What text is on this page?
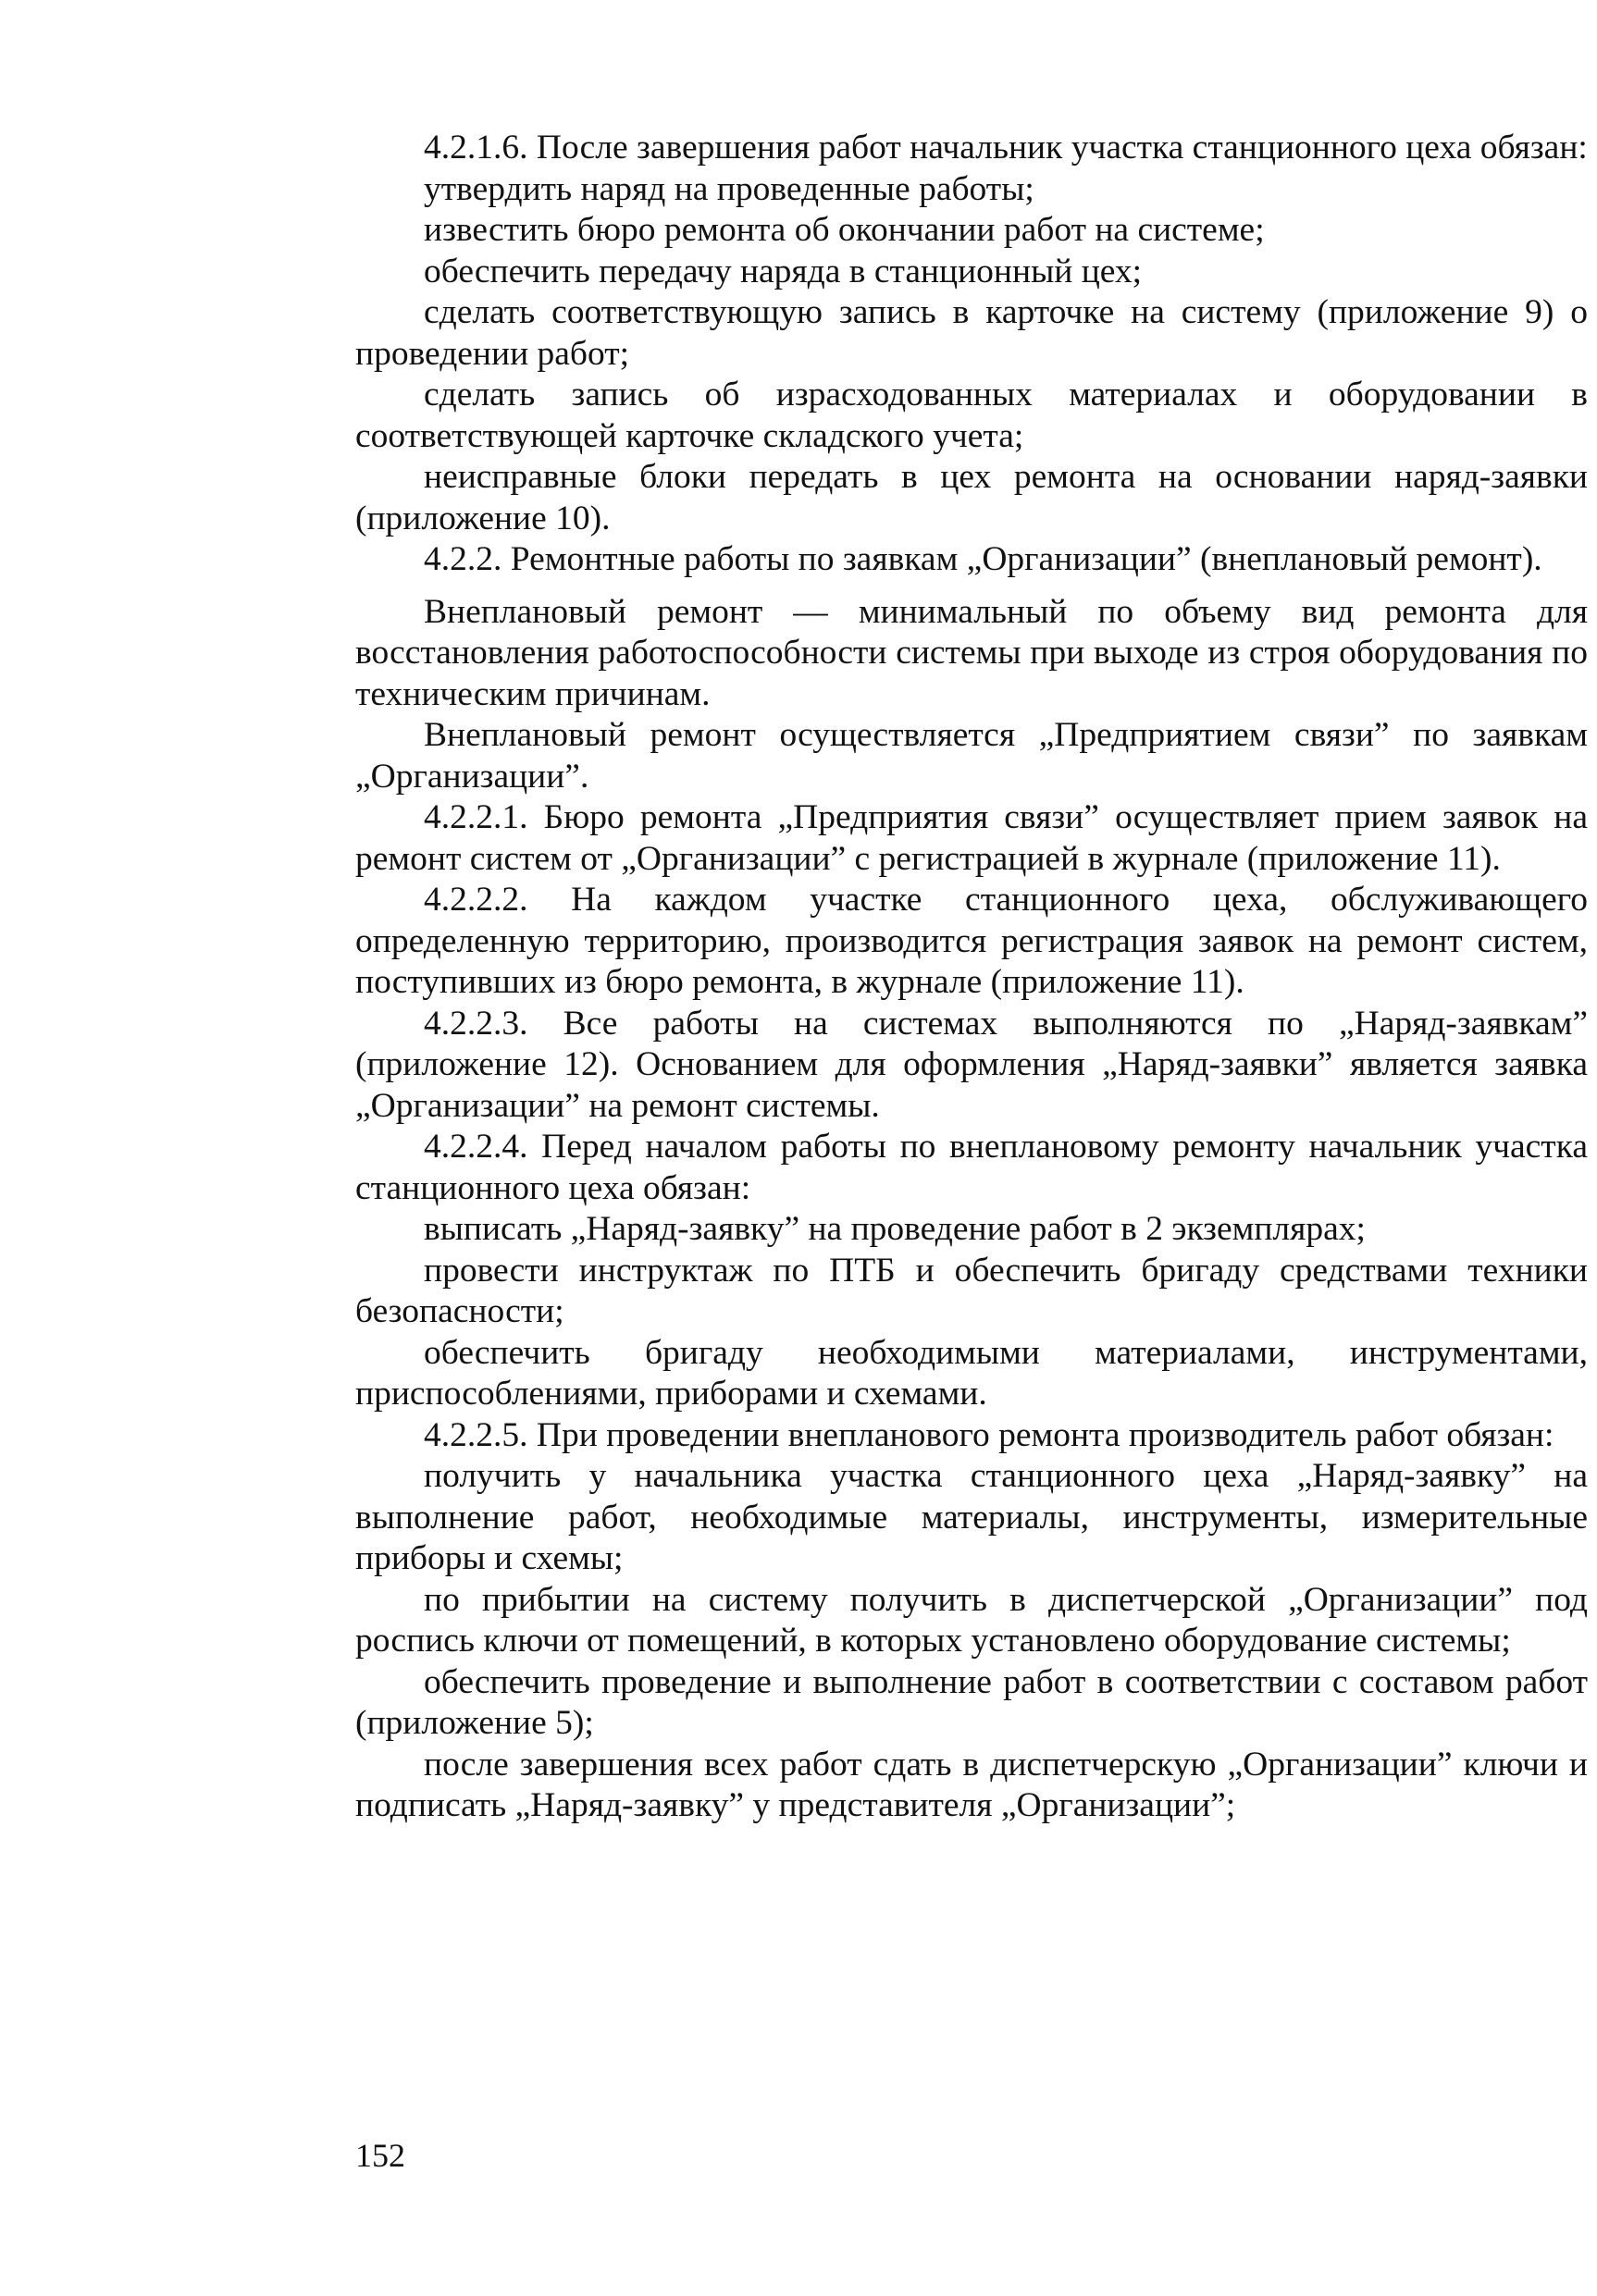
4.2.1.6. После завершения работ начальник участка станционного цеха обязан:

утвердить наряд на проведенные работы;

известить бюро ремонта об окончании работ на системе;

обеспечить передачу наряда в станционный цех;

сделать соответствующую запись в карточке на систему (приложение 9) о проведении работ;

сделать запись об израсходованных материалах и оборудовании в соответствующей карточке складского учета;

неисправные блоки передать в цех ремонта на основании наряд-заявки (приложение 10).

4.2.2. Ремонтные работы по заявкам „Организации” (внеплановый ремонт).

Внеплановый ремонт — минимальный по объему вид ремонта для восстановления работоспособности системы при выходе из строя оборудования по техническим причинам.

Внеплановый ремонт осуществляется „Предприятием связи” по заявкам „Организации”.

4.2.2.1. Бюро ремонта „Предприятия связи” осуществляет прием заявок на ремонт систем от „Организации” с регистрацией в журнале (приложение 11).

4.2.2.2. На каждом участке станционного цеха, обслуживающего определенную территорию, производится регистрация заявок на ремонт систем, поступивших из бюро ремонта, в журнале (приложение 11).

4.2.2.3. Все работы на системах выполняются по „Наряд-заявкам” (приложение 12). Основанием для оформления „Наряд-заявки” является заявка „Организации” на ремонт системы.

4.2.2.4. Перед началом работы по внеплановому ремонту начальник участка станционного цеха обязан:

выписать „Наряд-заявку” на проведение работ в 2 экземплярах;

провести инструктаж по ПТБ и обеспечить бригаду средствами техники безопасности;

обеспечить бригаду необходимыми материалами, инструментами, приспособлениями, приборами и схемами.

4.2.2.5. При проведении внепланового ремонта производитель работ обязан:

получить у начальника участка станционного цеха „Наряд-заявку” на выполнение работ, необходимые материалы, инструменты, измерительные приборы и схемы;

по прибытии на систему получить в диспетчерской „Организации” под роспись ключи от помещений, в которых установлено оборудование системы;

обеспечить проведение и выполнение работ в соответствии с составом работ (приложение 5);

после завершения всех работ сдать в диспетчерскую „Организации” ключи и подписать „Наряд-заявку” у представителя „Организации”;

152
